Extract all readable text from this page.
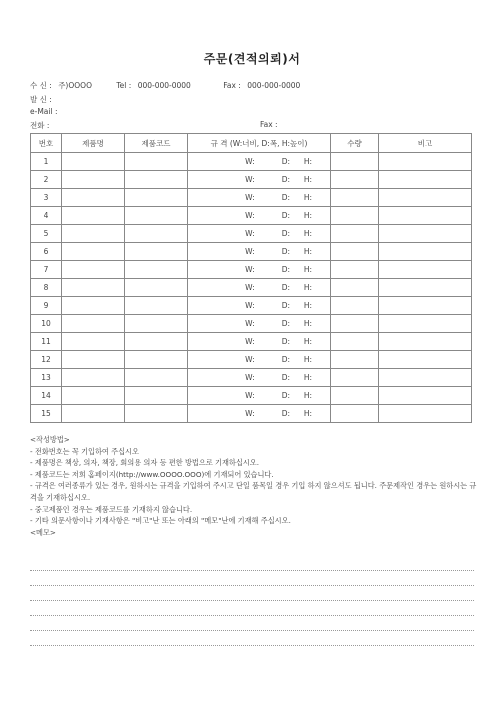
주문(견적의뢰)서
수 신 : 주)OOOO	Tel : 000-000-0000	Fax : 000-000-0000
발 신 :
e-Mail :
전화 :	Fax :
번호	제품명	제품코드	규 격 (W:너비, D:폭, H:높이)	수량	비고
1			W: D: H:		
2			W: D: H:		
3			W: D: H:		
4			W: D: H:		
5			W: D: H:		
6			W: D: H:		
7			W: D: H:		
8			W: D: H:		
9			W: D: H:		
10			W: D: H:		
11			W: D: H:		
12			W: D: H:		
13			W: D: H:		
14			W: D: H:		
15			W: D: H:		

<작성방법>

- 전화번호는 꼭 기입하여 주십시오

- 제품명은 책상, 의자, 책장, 회의용 의자 등 편한 방법으로 기재하십시오.

- 제품코드는 저희 홈페이지(http://www.OOOO.OOO)에 기재되어 있습니다.

- 규격은 여러종류가 있는 경우, 원하시는 규격을 기입하여 주시고 단일 품목일 경우 기입 하지 않으셔도 됩니다. 주문제작인 경우는 원하시는 규격을 기재하십시오.

- 중고제품인 경우는 제품코드를 기재하지 않습니다.

- 기타 의문사항이나 기재사항은 "비고"난 또는 아래의 "메모"난에 기재해 주십시오.

<메모>
